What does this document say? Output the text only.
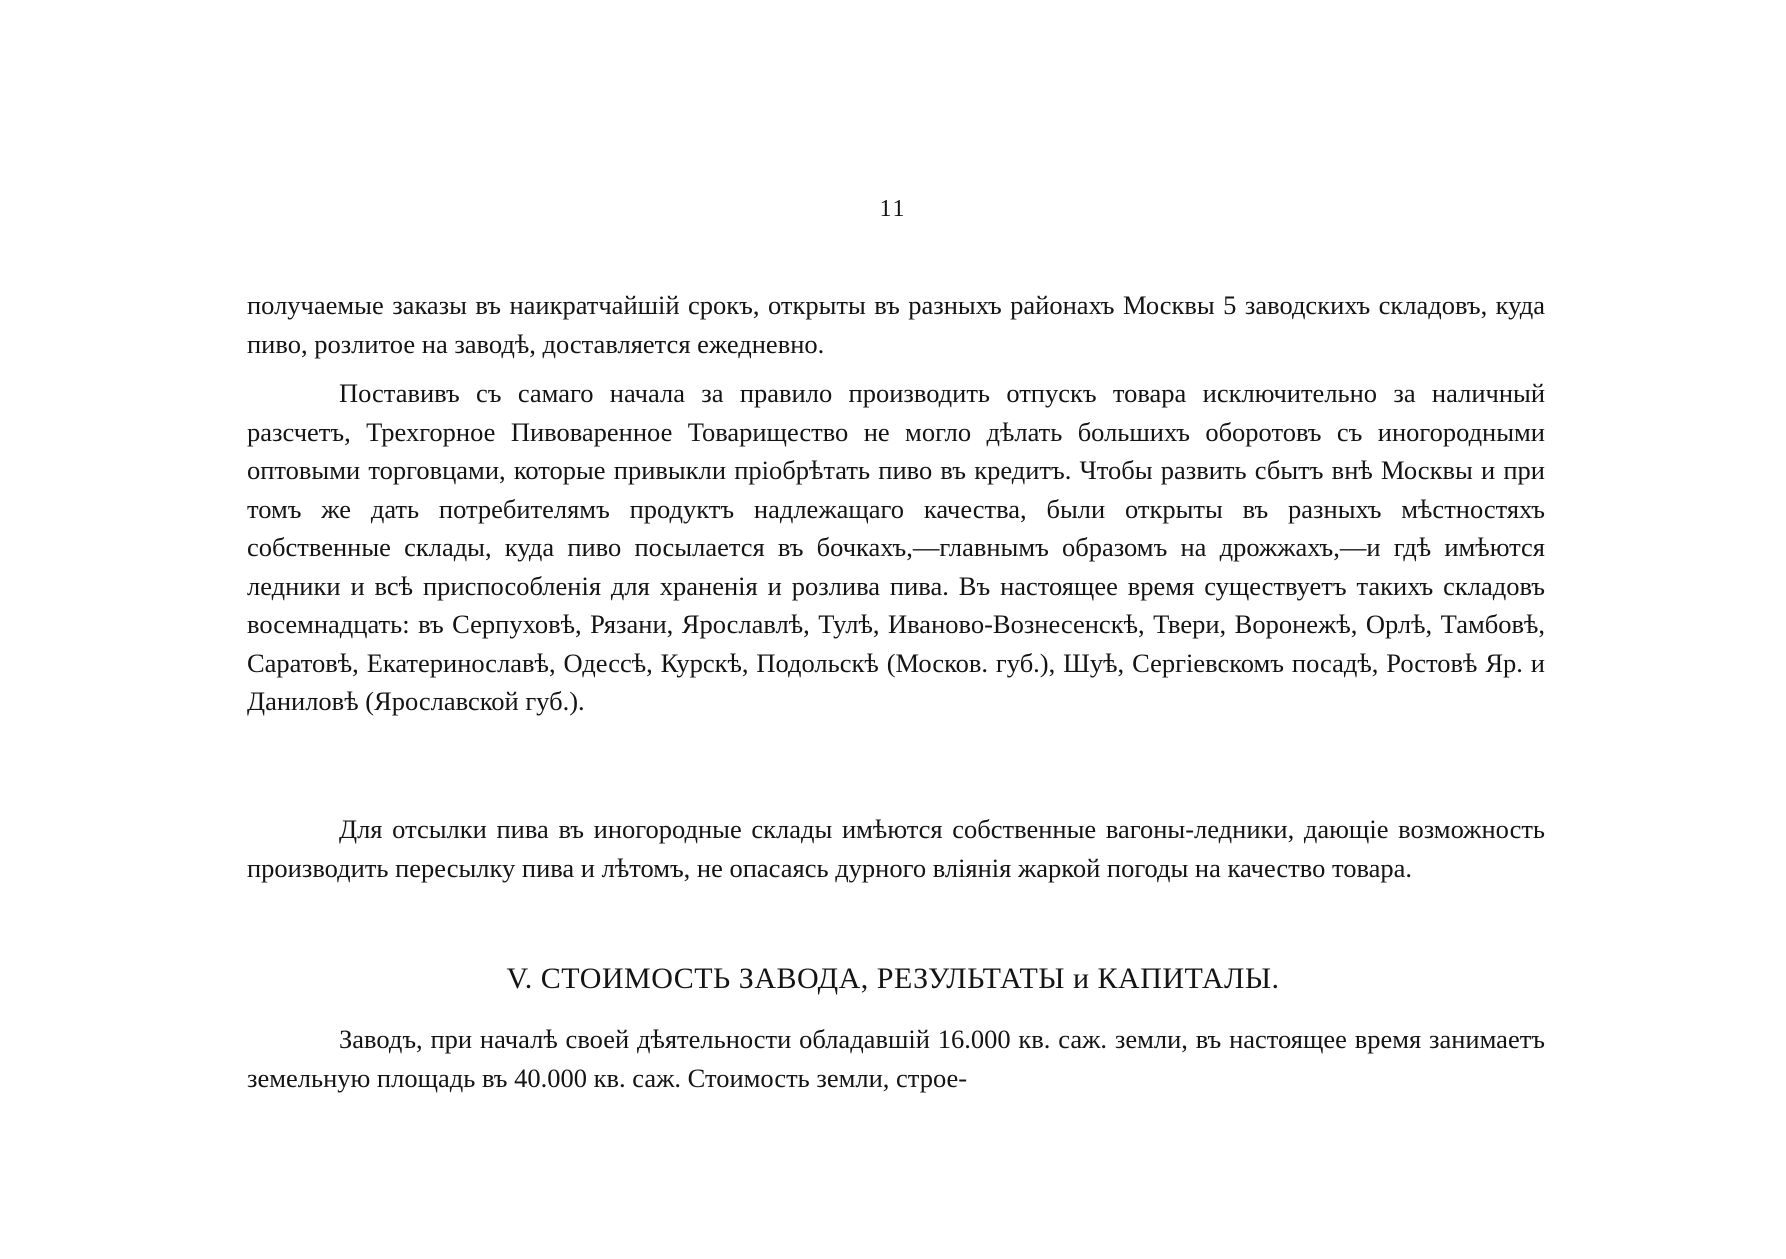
11

получаемые заказы въ наикратчайшій срокъ, открыты въ разныхъ районахъ Москвы 5 заводскихъ складовъ, куда пиво, розлитое на заводѣ, доставляется ежедневно.

Поставивъ съ самаго начала за правило производить отпускъ товара исключительно за наличный разсчетъ, Трехгорное Пивоваренное Товарищество не могло дѣлать большихъ оборотовъ съ иногородными оптовыми торговцами, которые привыкли пріобрѣтать пиво въ кредитъ. Чтобы развить сбытъ внѣ Москвы и при томъ же дать потребителямъ продуктъ надлежащаго качества, были открыты въ разныхъ мѣстностяхъ собственные склады, куда пиво посылается въ бочкахъ,—главнымъ образомъ на дрожжахъ,—и гдѣ имѣются ледники и всѣ приспособленія для храненія и розлива пива. Въ настоящее время существуетъ такихъ складовъ восемнадцать: въ Серпуховѣ, Рязани, Ярославлѣ, Тулѣ, Иваново-Вознесенскѣ, Твери, Воронежѣ, Орлѣ, Тамбовѣ, Саратовѣ, Екатеринославѣ, Одессѣ, Курскѣ, Подольскѣ (Москов. губ.), Шуѣ, Сергіевскомъ посадѣ, Ростовѣ Яр. и Даниловѣ (Ярославской губ.).

Для отсылки пива въ иногородные склады имѣются собственные вагоны-ледники, дающіе возможность производить пересылку пива и лѣтомъ, не опасаясь дурного вліянія жаркой погоды на качество товара.

V. СТОИМОСТЬ ЗАВОДА, РЕЗУЛЬТАТЫ и КАПИТАЛЫ.

Заводъ, при началѣ своей дѣятельности обладавшій 16.000 кв. саж. земли, въ настоящее время занимаетъ земельную площадь въ 40.000 кв. саж. Стоимость земли, строе-
